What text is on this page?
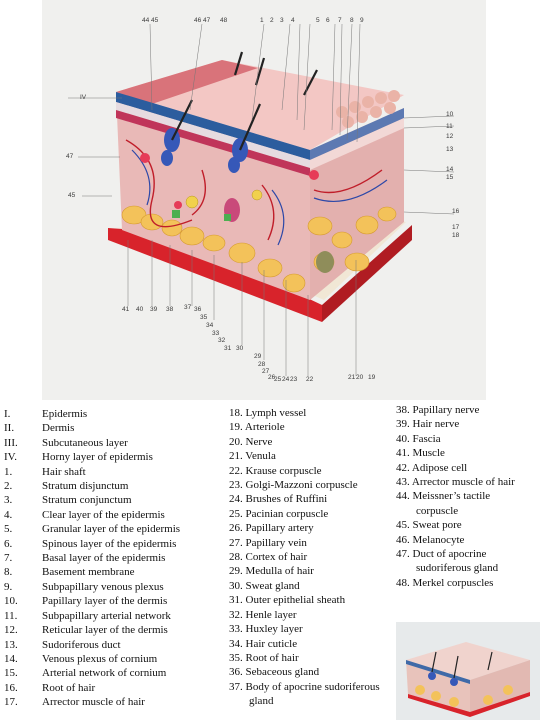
44 45	46 47 48	1 2 3 4	5 6 7 8 9
10
11
12
13
14
15
16
17
18
IV
47
45
41 40 39 38 37 36
35
34
33
32
31 30
29
28
27
26
25 24 23 22	21 20 19
I.	Epidermis
II.	Dermis
III. Subcutaneous layer
IV. Horny layer of epidermis
1.	Hair shaft
2.	Stratum disjunctum
3.	Stratum conjunctum
4.	Clear layer of the epidermis
5.	Granular layer of the epidermis
6.	Spinous layer of the epidermis
7.	Basal layer of the epidermis
8.	Basement membrane
9.	Subpapillary venous plexus
10. Papillary layer of the dermis
11. Subpapillary arterial network
12. Reticular layer of the dermis
13. Sudoriferous duct
14. Venous plexus of cornium
15. Arterial network of cornium
16. Root of hair
17. Arrector muscle of hair
18. Lymph vessel
19. Arteriole
20. Nerve
21. Venula
22. Krause corpuscle
23. Golgi-Mazzoni corpuscle
24. Brushes of Ruffini
25. Pacinian corpuscle
26. Papillary artery
27. Papillary vein
28. Cortex of hair
29. Medulla of hair
30. Sweat gland
31. Outer epithelial sheath
32. Henle layer
33. Huxley layer
34. Hair cuticle
35. Root of hair
36. Sebaceous gland
37. Body of apocrine sudoriferous
gland
38. Papillary nerve
39. Hair nerve
40. Fascia
41. Muscle
42. Adipose cell
43. Arrector muscle of hair
44. Meissner’s tactile
corpuscle
45. Sweat pore
46. Melanocyte
47. Duct of apocrine
sudoriferous gland
48. Merkel corpuscles
